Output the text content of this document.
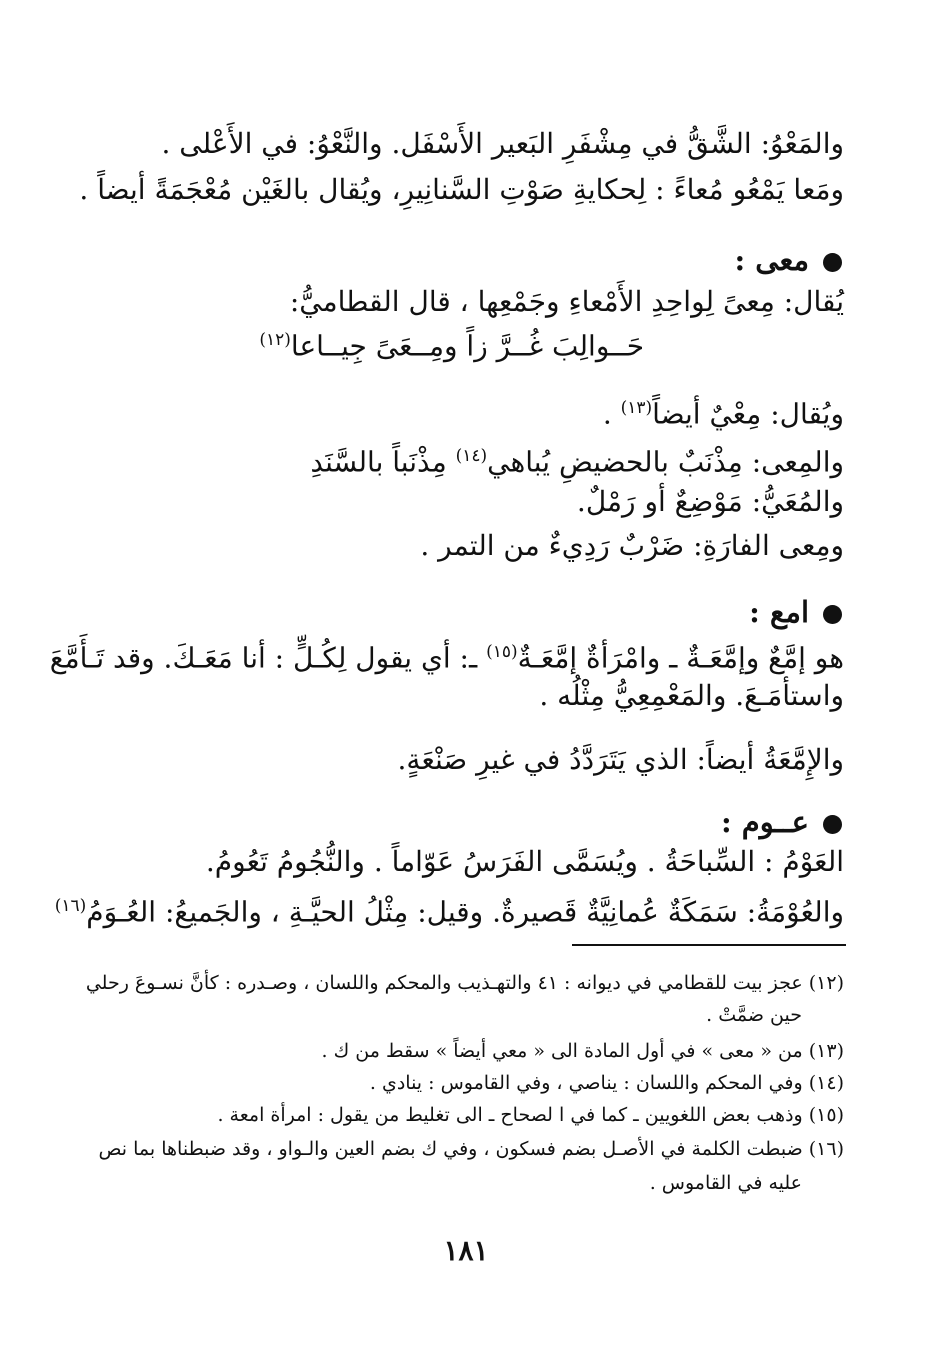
والمَعْوُ: الشَّقُّ في مِشْفَرِ البَعير الأَسْفَل. والنَّعْوُ: في الأَعْلى .
ومَعا يَمْعُو مُعاءً : لِحكايةِ صَوْتِ السَّنانِيرِ، ويُقال بالغَيْن مُعْجَمَةً أيضاً .
معى :
يُقال: مِعىً لِواحِدِ الأَمْعاءِ وجَمْعِها ، قال القطاميُّ:
حَــوالِبَ غُــرَّ زاً ومِــعَىً جِيــاعا$^{(١٢)}$
ويُقال: مِعْيٌ أيضاً$^{(١٣)}$ .
والمِعى: مِذْنَبٌ بالحضيضِ يُباهي$^{(١٤)}$ مِذْنَباً بالسَّنَدِ
والمُعَيُّ: مَوْضِعٌ أو رَمْلٌ.
ومِعى الفارَةِ: ضَرْبٌ رَدِيءٌ من التمر .
امع :
هو إمَّعٌ وإمَّعَـةٌ ـ وامْرَأةٌ إمَّعَـةٌ$^{(١٥)}$ ـ: أي يقول لِكُـلٍّ : أنا مَعَـكَ. وقد تَـأَمَّعَ
واستأمَـعَ. والمَعْمِعِيُّ مِثْلُه .
والإِمَّعَةُ أيضاً: الذي يَتَرَدَّدُ في غيرِ صَنْعَةٍ.
عــوم :
العَوْمُ : السِّباحَةُ . ويُسَمَّى الفَرَسُ عَوّاماً . والنُّجُومُ تَعُومُ.
والعُوْمَةُ: سَمَكَةٌ عُمانِيَّةٌ قَصيرةٌ. وقيل: مِثْلُ الحيَّـةِ ، والجَميعُ: العُـوَمُ$^{(١٦)}$
(١٢) عجز بيت للقطامي في ديوانه : ٤١ والتهـذيب والمحكم واللسان ، وصـدره : كأنَّ نسـوعَ رحلي
حين ضمَّتْ .
(١٣) من « معى » في أول المادة الى « معي أيضاً » سقط من ك .
(١٤) وفي المحكم واللسان : يناصي ، وفي القاموس : ينادي .
(١٥) وذهب بعض اللغويين ـ كما في ا لصحاح ـ الى تغليط من يقول : امرأة امعة .
(١٦) ضبطت الكلمة في الأصـل بضم فسكون ، وفي ك بضم العين والـواو ، وقد ضبطناها بما نص
عليه في القاموس .
١٨١
